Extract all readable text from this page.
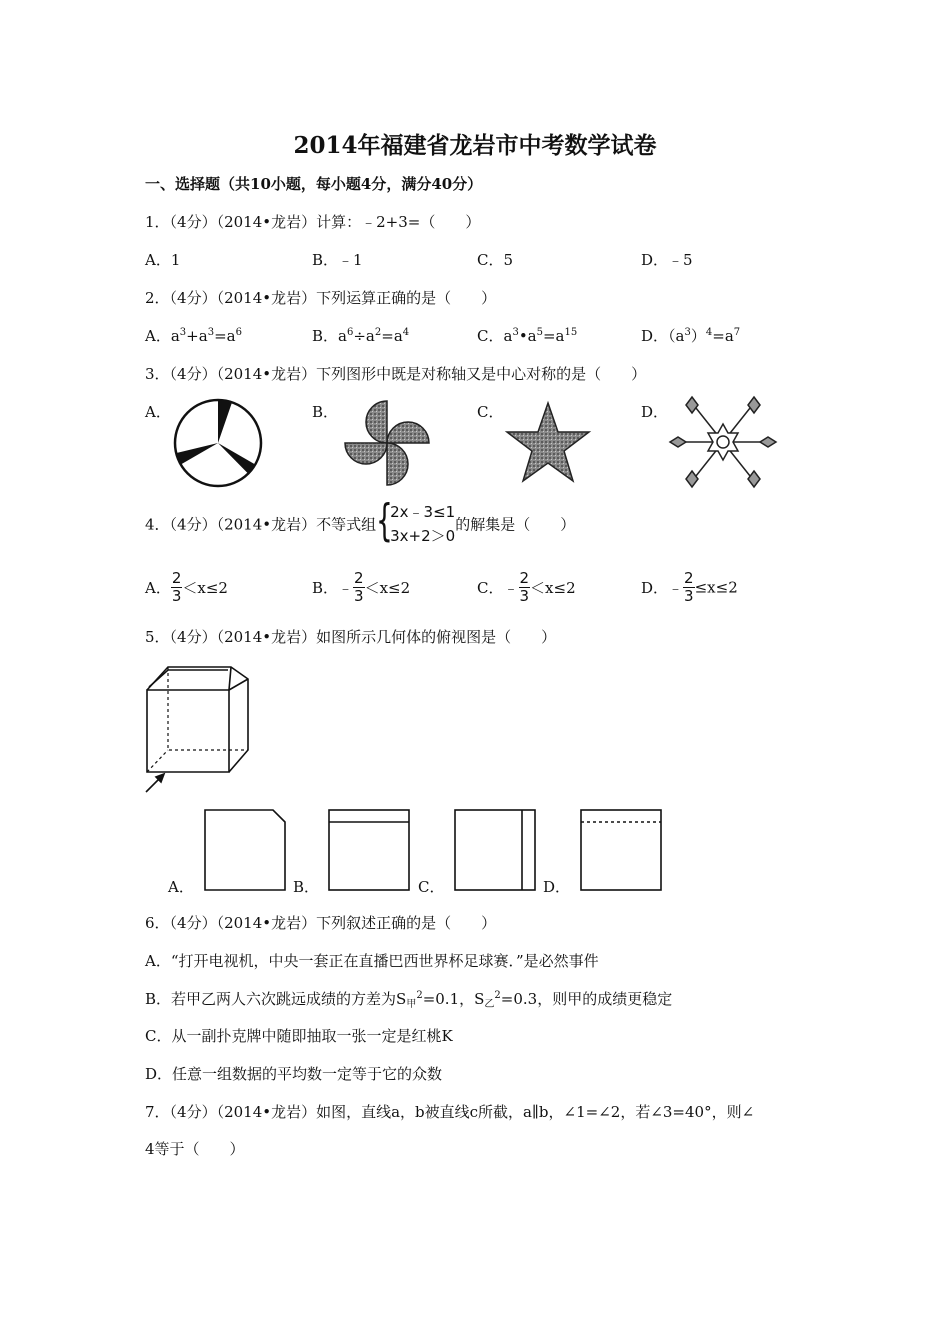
2014年福建省龙岩市中考数学试卷
一、选择题（共10小题，每小题4分，满分40分）
1．（4分）（2014•龙岩）计算：﹣2+3=（　　）
A．1	B．﹣1	C．5	D．﹣5
2．（4分）（2014•龙岩）下列运算正确的是（　　）
A．$a^3+a^3=a^6$	B．$a^6\div a^2=a^4$	C．$a^3•a^5=a^{15}$	D．$(a^3)^4=a^7$
3．（4分）（2014•龙岩）下列图形中既是对称轴又是中心对称的是（　　）
A．	B．	C．	D．
4．（4分）（2014•龙岩）不等式组 {
2x﹣3≤1
3x+2＞0
的解集是（　　）
A． $\frac{2}{3} <x\le 2$	B．﹣ $\frac{2}{3} <x\le 2$	C．﹣ $\frac{2}{3} <x\le 2$	D．﹣ $\frac{2}{3} \le x\le 2$
5．（4分）（2014•龙岩）如图所示几何体的俯视图是（　　）
A．	B．	C．	D．
6．（4分）（2014•龙岩）下列叙述正确的是（　　）
A．“打开电视机，中央一套正在直播巴西世界杯足球赛．”是必然事件
B．若甲乙两人六次跳远成绩的方差为$S_甲^2=0.1$，$S_乙^2=0.3$，则甲的成绩更稳定
C．从一副扑克牌中随即抽取一张一定是红桃K
D．任意一组数据的平均数一定等于它的众数
7．（4分）（2014•龙岩）如图，直线a，b被直线c所截，a∥b，∠1=∠2，若∠3=40°，则∠
4等于（　　）
